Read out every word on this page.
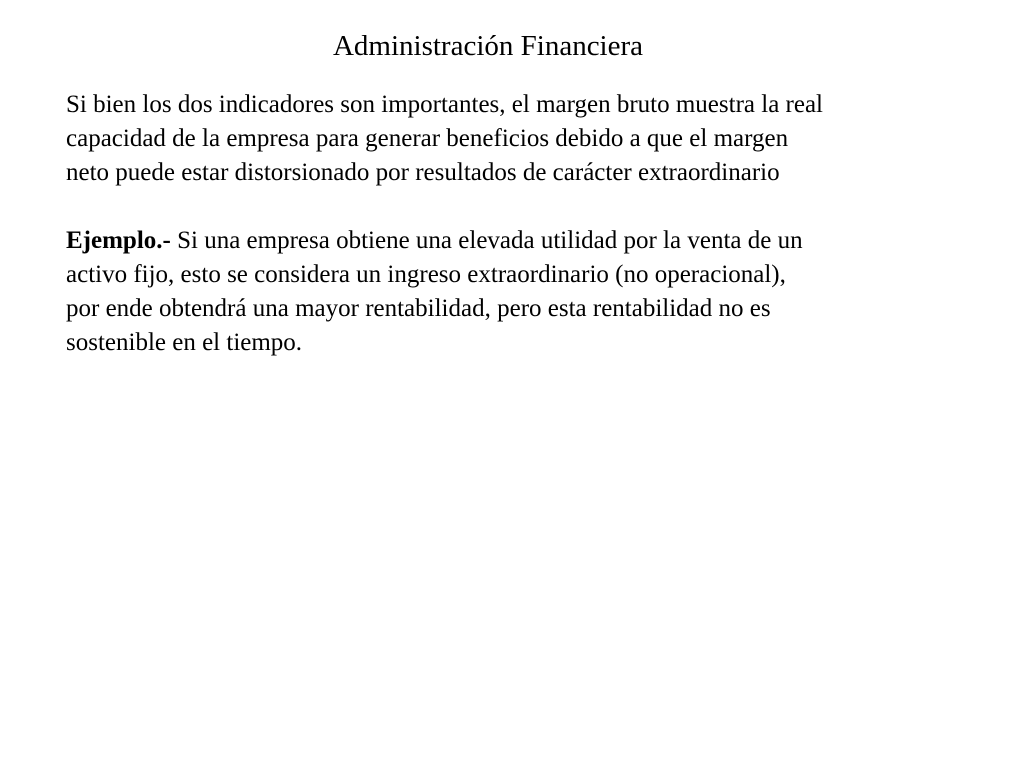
Administración Financiera
Si bien los dos indicadores son importantes, el margen bruto muestra la real
capacidad de la empresa para generar beneficios debido a que el margen
neto puede estar distorsionado por resultados de carácter extraordinario
Ejemplo.- Si una empresa obtiene una elevada utilidad por la venta de un
activo fijo, esto se considera un ingreso extraordinario (no operacional),
por ende obtendrá una mayor rentabilidad, pero esta rentabilidad no es
sostenible en el tiempo.
